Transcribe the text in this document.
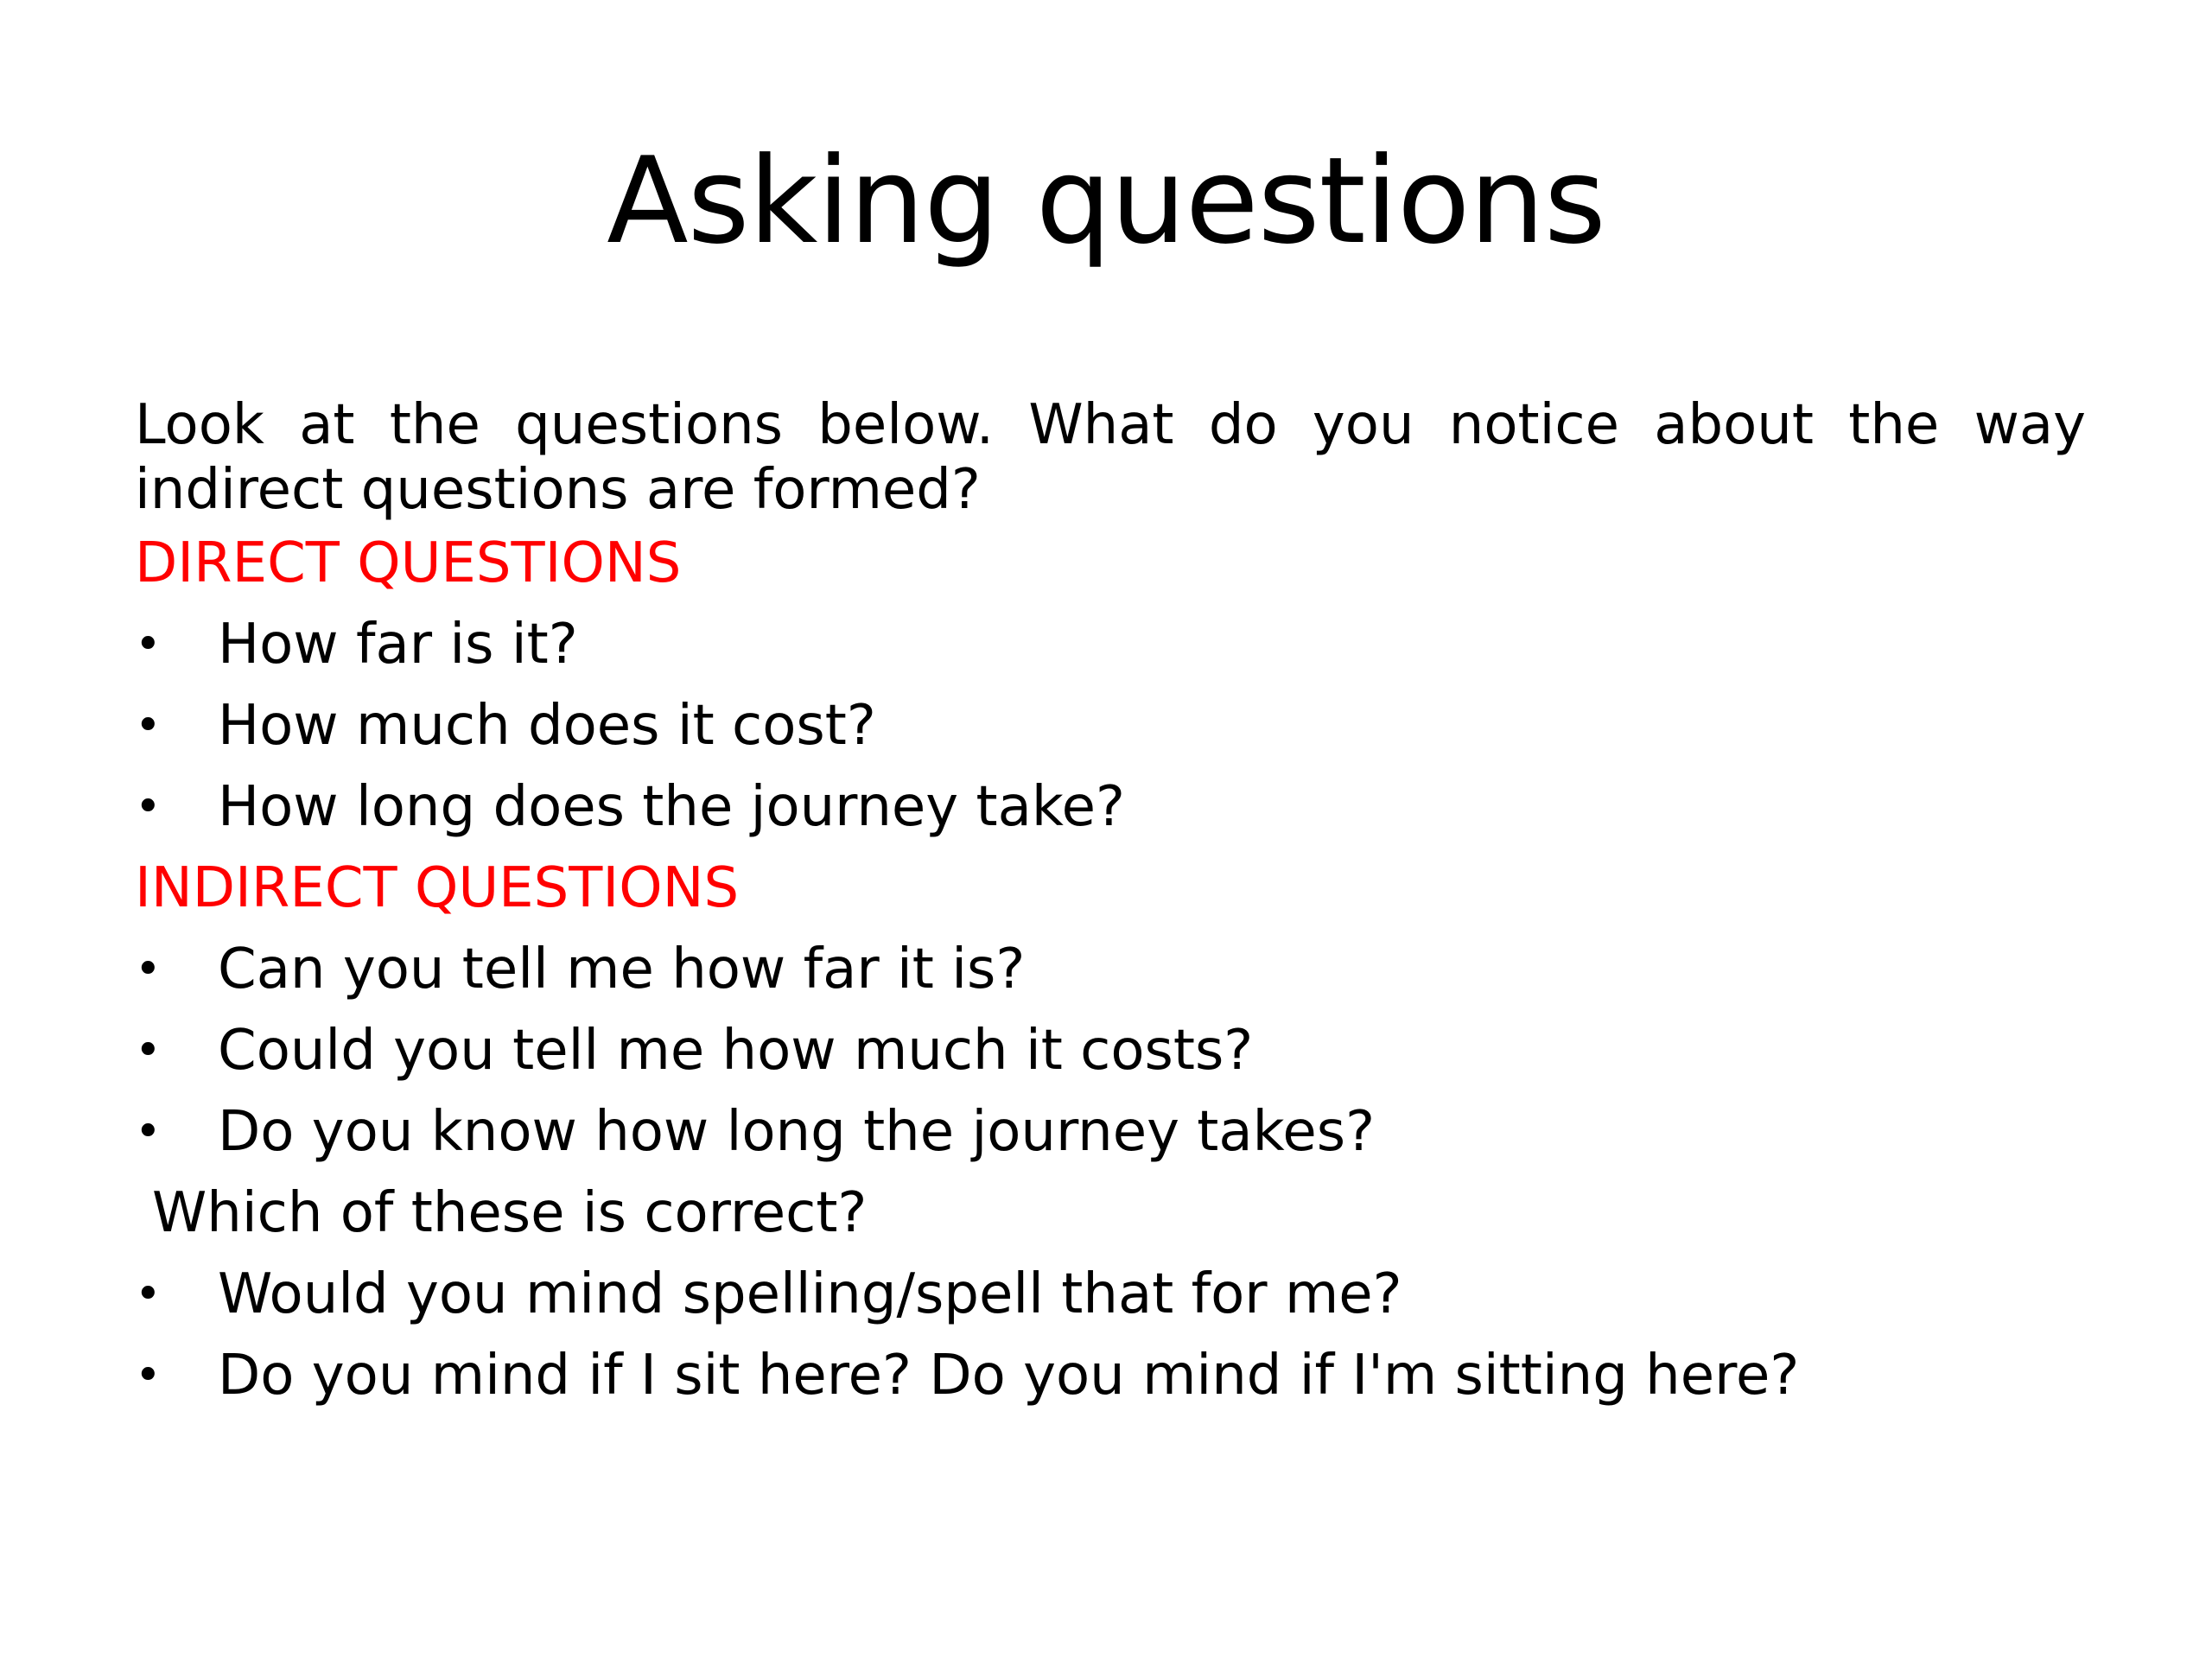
Asking questions

Look at the questions below. What do you notice about the way indirect questions are formed?

DIRECT QUESTIONS
• How far is it?
• How much does it cost?
• How long does the journey take?
INDIRECT QUESTIONS
• Can you tell me how far it is?
• Could you tell me how much it costs?
• Do you know how long the journey takes?
Which of these is correct?
• Would you mind spelling/spell that for me?
• Do you mind if I sit here? Do you mind if I'm sitting here?
